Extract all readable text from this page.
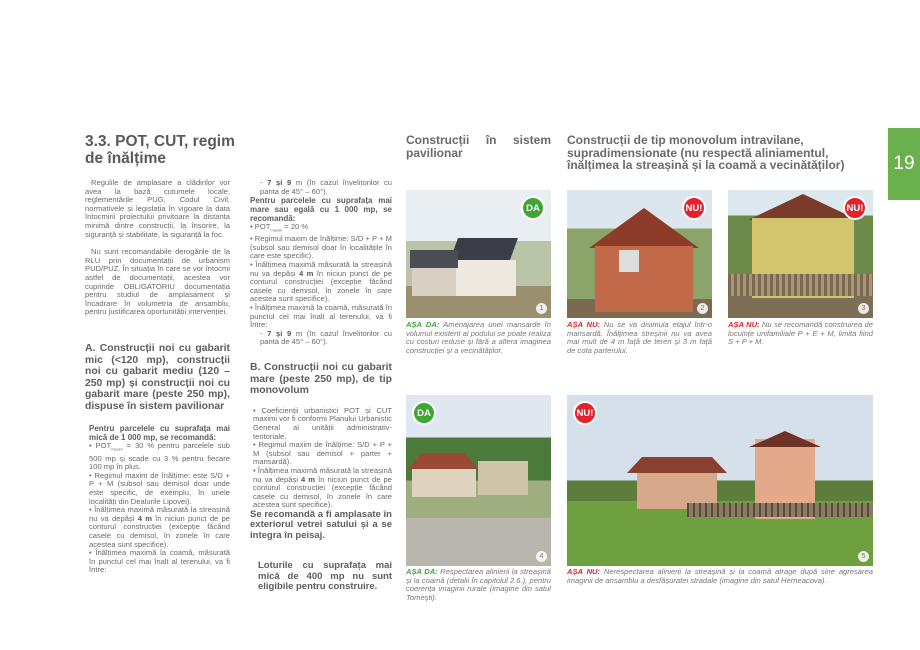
19
3.3. POT, CUT, regim de înălțime

Regulile de amplasare a clădirilor vor avea la bază cutumele locale, reglementările PUG, Codul Civil, normativele și legislația în vigoare la data întocmirii proiectului privitoare la distanța minimă dintre construcții, la însorire, la siguranță și stabilitate, la siguranță la foc.

Nu sunt recomandabile derogările de la RLU prin documentații de urbanism PUD/PUZ. În situația în care se vor întocmi astfel de documentații, acestea vor cuprinde OBLIGATORIU documentația pentru studiul de amplasament și încadrare în volumetria de ansamblu, pentru justificarea oportunității intervenției.

A. Construcții noi cu gabarit mic (<120 mp), construcții noi cu gabarit mediu (120 – 250 mp) și construcții noi cu gabarit mare (peste 250 mp), dispuse în sistem pavilionar

Pentru parcelele cu suprafața mai mică de 1 000 mp, se recomandă:

• $POT_{maxim} = 30$ % pentru parcelele sub 500 mp și scade cu 3 % pentru fiecare 100 mp în plus.

• Regimul maxim de înălțime: este S/D + P + M (subsol sau demisol doar unde este specific, de exemplu, în unele localități din Dealurile Lipovei).

• Înălțimea maximă măsurată la streașină nu va depăși 4 m în niciun punct de pe conturul construcției (excepție făcând casele cu demisol, în zonele în care acestea sunt specifice).

• Înălțimea maximă la coamă, măsurată în punctul cel mai înalt al terenului, va fi între:

- 7 și 9 m (în cazul învelitorilor cu panta de 45° – 60°).

Pentru parcelele cu suprafața mai mare sau egală cu 1 000 mp, se recomandă:

• $POT_{maxim} = 20$ %

• Regimul maxim de înălțime: S/D + P + M (subsol sau demisol doar în localitățile în care este specific).

• Înălțimea maximă măsurată la streașină nu va depăși 4 m în niciun punct de pe conturul construcției (excepție făcând casele cu demisol, în zonele în care acestea sunt specifice).

• Înălțimea maximă la coamă, măsurată în punctul cel mai înalt al terenului, va fi între:

- 7 și 9 m (în cazul învelitorilor cu panta de 45° – 60°).

B. Construcții noi cu gabarit mare (peste 250 mp), de tip monovolum

• Coeficienții urbanistici POT și CUT maximi vor fi conformi Planului Urbanistic General al unității administrativ-teritoriale.

• Regimul maxim de înălțime: S/D + P + M (subsol sau demisol + parter + mansardă).

• Înălțimea maximă măsurată la streașină nu va depăși 4 m în niciun punct de pe conturul construcției (excepție făcând casele cu demisol, în zonele în care acestea sunt specifice).

Se recomandă a fi amplasate în exteriorul vetrei satului și a se integra în peisaj.

Loturile cu suprafața mai mică de 400 mp nu sunt eligibile pentru construire.

Construcții în sistem pavilionar
Construcții de tip monovolum intravilane, supradimensionate (nu respectă aliniamentul, înălțimea la streașină și la coamă a vecinătăților)
DA
1
AȘA DA: Amenajarea unei mansarde în volumul existent al podului se poate realiza cu costuri reduse și fără a altera imaginea construcției și a vecinătăților.
NU!
2
AȘA NU: Nu se va disimula etajul într-o mansardă. Înălțimea streșinii nu va avea mai mult de 4 m față de teren și 3 m față de cota parterului.
NU!
3
AȘA NU: Nu se recomandă construirea de locuințe unifamiliale P + E + M, limita fiind S + P + M.
DA
4
AȘA DA: Respectarea alinierii la streașină și la coamă (detalii în capitolul 2.6.), pentru coerența imaginii rurale (imagine din satul Tomești).
NU!
5
AȘA NU: Nerespectarea alinierii la streașină și la coamă atrage după sine agresarea imaginii de ansamblu a desfășuratei stradale (imagine din satul Herneacova).
